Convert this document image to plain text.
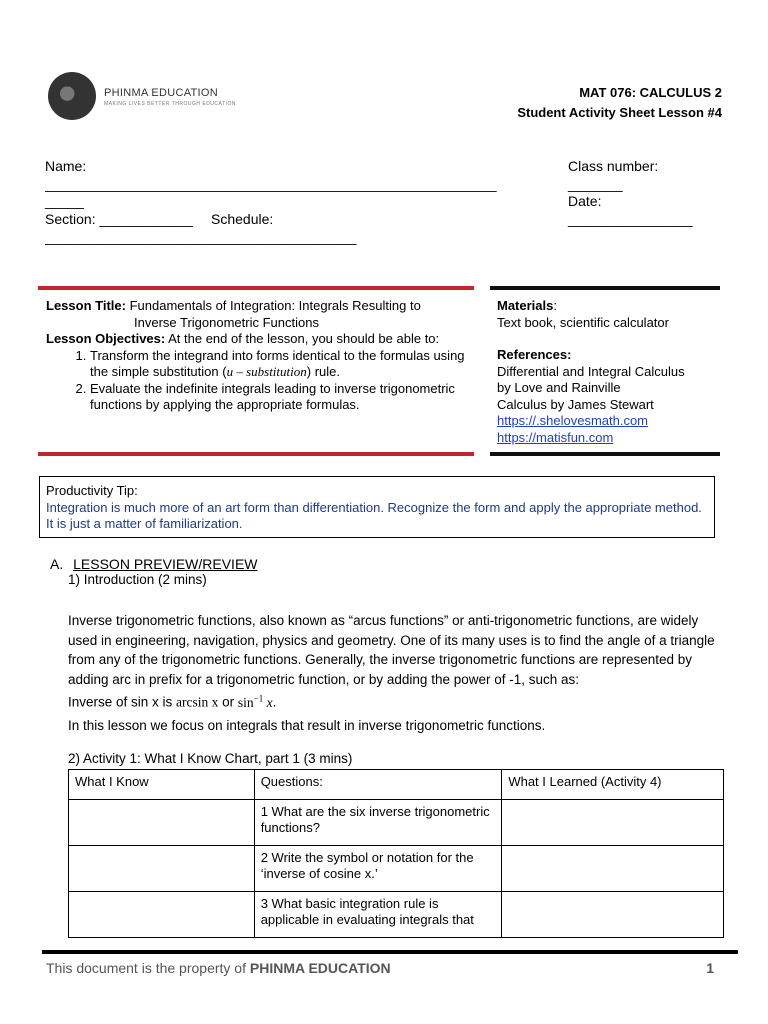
PHINMA EDUCATION
MAKING LIVES BETTER THROUGH EDUCATION
MAT 076: CALCULUS 2
Student Activity Sheet Lesson #4
Name:
__________________________________________________________
_____
Section: ____________ Schedule:
________________________________________
Class number:
_______
Date:
________________
Lesson Title: Fundamentals of Integration: Integrals Resulting to
Inverse Trigonometric Functions
Lesson Objectives: At the end of the lesson, you should be able to:
1. Transform the integrand into forms identical to the formulas using the simple substitution (u – substitution) rule.
2. Evaluate the indefinite integrals leading to inverse trigonometric functions by applying the appropriate formulas.
Materials:
Text book, scientific calculator
References:
Differential and Integral Calculus
by Love and Rainville
Calculus by James Stewart
https://.shelovesmath.com
https://matisfun.com
Productivity Tip:
Integration is much more of an art form than differentiation. Recognize the form and apply the appropriate method. It is just a matter of familiarization.
A. LESSON PREVIEW/REVIEW
1) Introduction (2 mins)
Inverse trigonometric functions, also known as “arcus functions” or anti-trigonometric functions, are widely used in engineering, navigation, physics and geometry. One of its many uses is to find the angle of a triangle from any of the trigonometric functions. Generally, the inverse trigonometric functions are represented by adding arc in prefix for a trigonometric function, or by adding the power of -1, such as:
Inverse of sin x is arcsin x or $\sin^{-1} x$.
In this lesson we focus on integrals that result in inverse trigonometric functions.
2) Activity 1: What I Know Chart, part 1 (3 mins)
What I Know	Questions:	What I Learned (Activity 4)
	1 What are the six inverse trigonometric functions?	
	2 Write the symbol or notation for the ‘inverse of cosine x.’	
	3 What basic integration rule is applicable in evaluating integrals that	
This document is the property of PHINMA EDUCATION	1
